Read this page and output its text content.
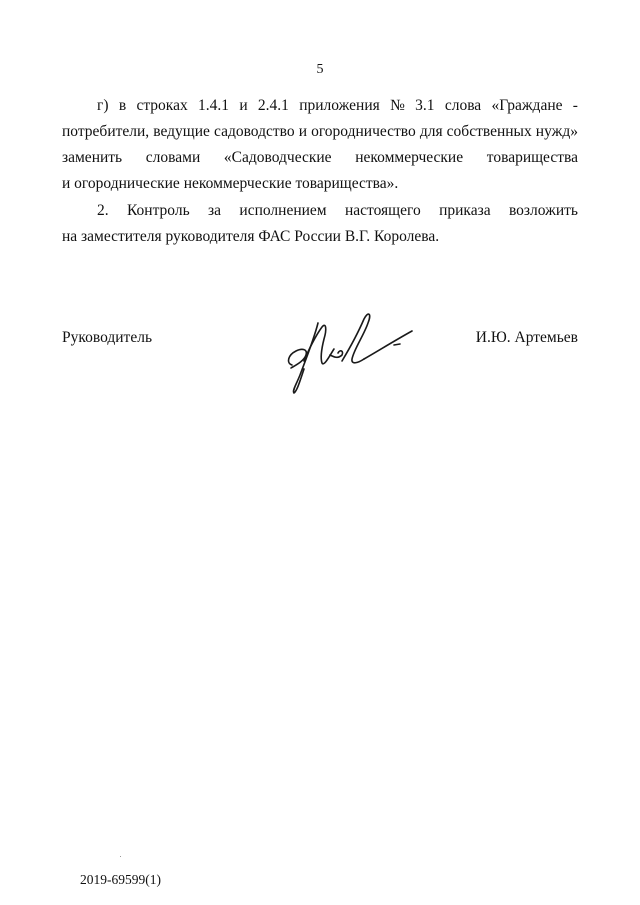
5
г) в строках 1.4.1 и 2.4.1 приложения № 3.1 слова «Граждане -
потребители, ведущие садоводство и огородничество для собственных нужд»
заменить словами «Садоводческие некоммерческие товарищества
и огороднические некоммерческие товарищества».
2. Контроль за исполнением настоящего приказа возложить
на заместителя руководителя ФАС России В.Г. Королева.
Руководитель	И.Ю. Артемьев
2019-69599(1)
